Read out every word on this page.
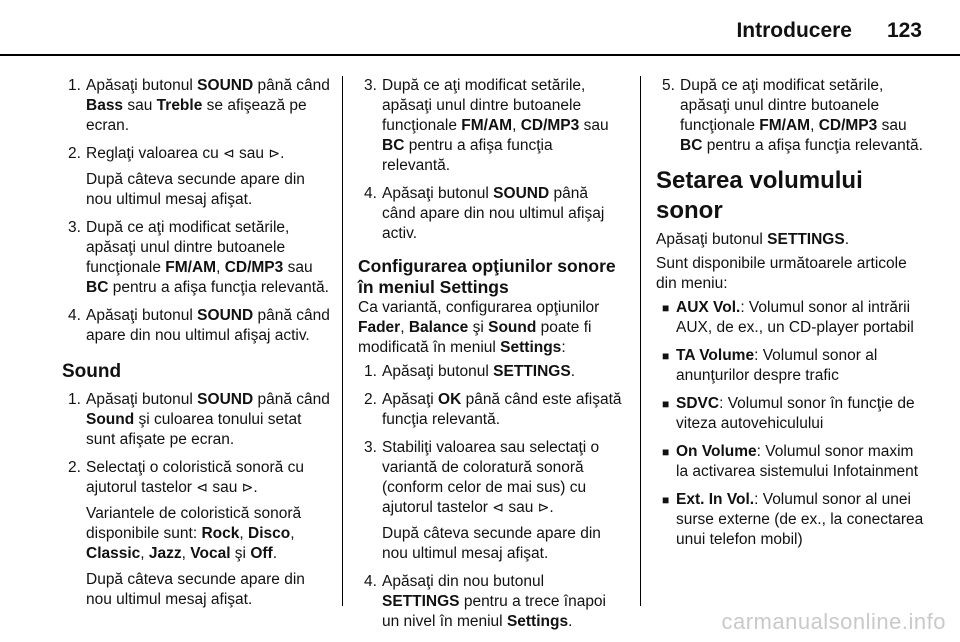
Introducere 123
1. Apăsaţi butonul SOUND până când Bass sau Treble se afişează pe ecran.
2. Reglaţi valoarea cu ⊲ sau ⊳.
După câteva secunde apare din nou ultimul mesaj afişat.
3. După ce aţi modificat setările, apăsaţi unul dintre butoanele funcţionale FM/AM, CD/MP3 sau BC pentru a afişa funcţia relevantă.
4. Apăsaţi butonul SOUND până când apare din nou ultimul afişaj activ.
Sound
1. Apăsaţi butonul SOUND până când Sound şi culoarea tonului setat sunt afişate pe ecran.
2. Selectaţi o coloristică sonoră cu ajutorul tastelor ⊲ sau ⊳.
Variantele de coloristică sonoră disponibile sunt: Rock, Disco, Classic, Jazz, Vocal şi Off.
După câteva secunde apare din nou ultimul mesaj afişat.
3. După ce aţi modificat setările, apăsaţi unul dintre butoanele funcţionale FM/AM, CD/MP3 sau BC pentru a afişa funcţia relevantă.
4. Apăsaţi butonul SOUND până când apare din nou ultimul afişaj activ.
Configurarea opţiunilor sonore în meniul Settings
Ca variantă, configurarea opţiunilor Fader, Balance şi Sound poate fi modificată în meniul Settings:
1. Apăsaţi butonul SETTINGS.
2. Apăsaţi OK până când este afişată funcţia relevantă.
3. Stabiliţi valoarea sau selectaţi o variantă de coloratură sonoră (conform celor de mai sus) cu ajutorul tastelor ⊲ sau ⊳.
După câteva secunde apare din nou ultimul mesaj afişat.
4. Apăsaţi din nou butonul SETTINGS pentru a trece înapoi un nivel în meniul Settings.
5. După ce aţi modificat setările, apăsaţi unul dintre butoanele funcţionale FM/AM, CD/MP3 sau BC pentru a afişa funcţia relevantă.
Setarea volumului sonor
Apăsaţi butonul SETTINGS.
Sunt disponibile următoarele articole din meniu:
■ AUX Vol.: Volumul sonor al intrării AUX, de ex., un CD-player portabil
■ TA Volume: Volumul sonor al anunţurilor despre trafic
■ SDVC: Volumul sonor în funcţie de viteza autovehiculului
■ On Volume: Volumul sonor maxim la activarea sistemului Infotainment
■ Ext. In Vol.: Volumul sonor al unei surse externe (de ex., la conectarea unui telefon mobil)
carmanualsonline.info
